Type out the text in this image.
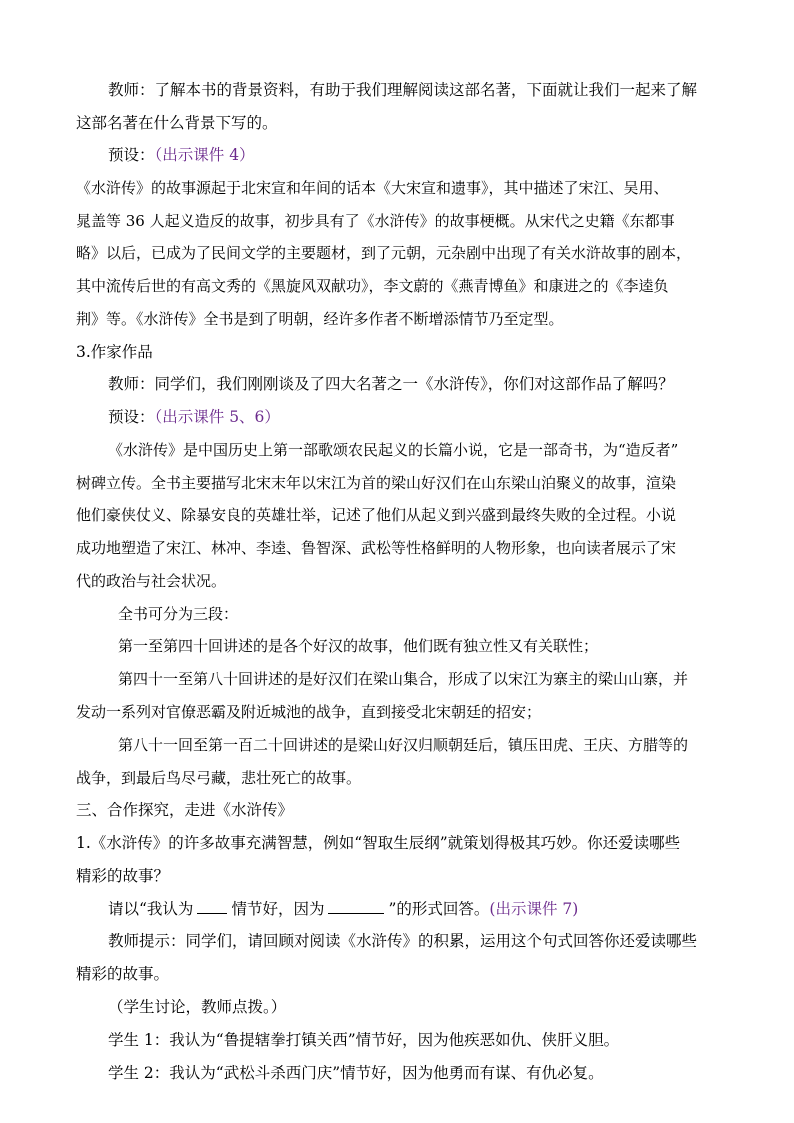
教师：了解本书的背景资料，有助于我们理解阅读这部名著，下面就让我们一起来了解
这部名著在什么背景下写的。
预设：（出示课件 4）
《水浒传》的故事源起于北宋宣和年间的话本《大宋宣和遗事》，其中描述了宋江、吴用、
晁盖等 36 人起义造反的故事，初步具有了《水浒传》的故事梗概。从宋代之史籍《东都事
略》以后，已成为了民间文学的主要题材，到了元朝，元杂剧中出现了有关水浒故事的剧本，
其中流传后世的有高文秀的《黑旋风双献功》，李文蔚的《燕青博鱼》和康进之的《李逵负
荆》等。《水浒传》全书是到了明朝，经许多作者不断增添情节乃至定型。
3.作家作品
教师：同学们，我们刚刚谈及了四大名著之一《水浒传》，你们对这部作品了解吗？
预设：（出示课件 5、6）
《水浒传》是中国历史上第一部歌颂农民起义的长篇小说，它是一部奇书，为“造反者”
树碑立传。全书主要描写北宋末年以宋江为首的梁山好汉们在山东梁山泊聚义的故事，渲染
他们豪侠仗义、除暴安良的英雄壮举，记述了他们从起义到兴盛到最终失败的全过程。小说
成功地塑造了宋江、林冲、李逵、鲁智深、武松等性格鲜明的人物形象，也向读者展示了宋
代的政治与社会状况。
全书可分为三段：
第一至第四十回讲述的是各个好汉的故事，他们既有独立性又有关联性；
第四十一至第八十回讲述的是好汉们在梁山集合，形成了以宋江为寨主的梁山山寨，并
发动一系列对官僚恶霸及附近城池的战争，直到接受北宋朝廷的招安；
第八十一回至第一百二十回讲述的是梁山好汉归顺朝廷后，镇压田虎、王庆、方腊等的
战争，到最后鸟尽弓藏，悲壮死亡的故事。
三、合作探究，走进《水浒传》
1.《水浒传》的许多故事充满智慧，例如“智取生辰纲”就策划得极其巧妙。你还爱读哪些
精彩的故事？
请以“我认为 情节好，因为	”的形式回答。(出示课件 7)
教师提示：同学们，请回顾对阅读《水浒传》的积累，运用这个句式回答你还爱读哪些
精彩的故事。
（学生讨论，教师点拨。）
学生 1：我认为“鲁提辖拳打镇关西”情节好，因为他疾恶如仇、侠肝义胆。
学生 2：我认为“武松斗杀西门庆”情节好，因为他勇而有谋、有仇必复。
